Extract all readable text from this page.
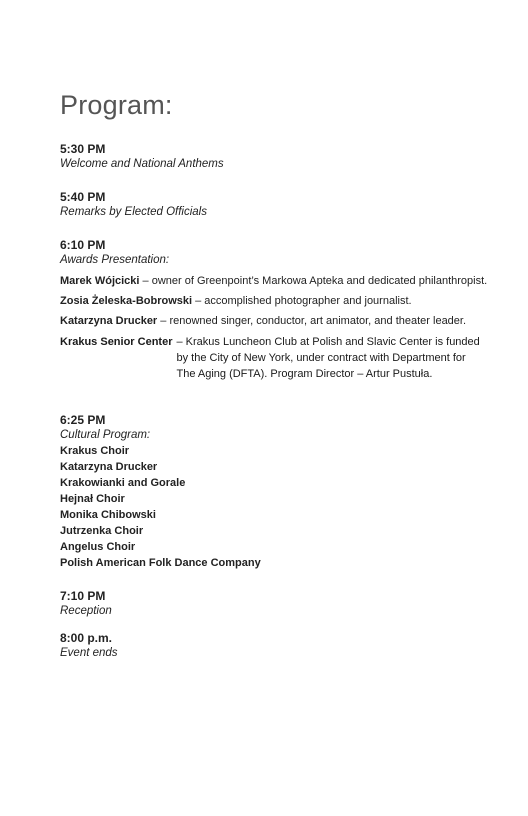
Program:
5:30 PM
Welcome and National Anthems
5:40 PM
Remarks by Elected Officials
6:10 PM
Awards Presentation:
Marek Wójcicki – owner of Greenpoint’s Markowa Apteka and dedicated philanthropist.
Zosia Żeleska-Bobrowski – accomplished photographer and journalist.
Katarzyna Drucker – renowned singer, conductor, art animator, and theater leader.
Krakus Senior Center – Krakus Luncheon Club at Polish and Slavic Center is funded by the City of New York, under contract with Department for The Aging (DFTA). Program Director – Artur Pustuła.
6:25 PM
Cultural Program:
Krakus Choir
Katarzyna Drucker
Krakowianki and Gorale
Hejnał Choir
Monika Chibowski
Jutrzenka Choir
Angelus Choir
Polish American Folk Dance Company
7:10 PM
Reception
8:00 p.m.
Event ends
